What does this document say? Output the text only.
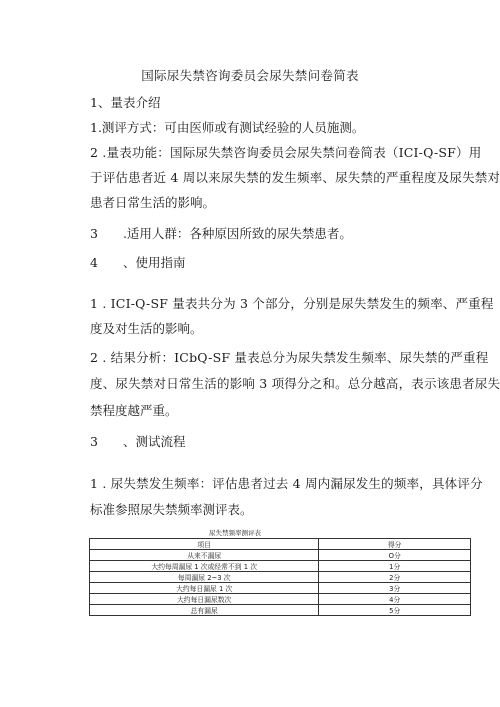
国际尿失禁咨询委员会尿失禁问卷简表
1、量表介绍
1.测评方式：可由医师或有测试经验的人员施测。
2 .量表功能：国际尿失禁咨询委员会尿失禁问卷简表（ICI-Q-SF）用
于评估患者近 4 周以来尿失禁的发生频率、尿失禁的严重程度及尿失禁对
患者日常生活的影响。
3　　.适用人群：各种原因所致的尿失禁患者。
4　　、使用指南
1 . ICI-Q-SF 量表共分为 3 个部分，分别是尿失禁发生的频率、严重程
度及对生活的影响。
2 . 结果分析：ICbQ-SF 量表总分为尿失禁发生频率、尿失禁的严重程
度、尿失禁对日常生活的影响 3 项得分之和。总分越高，表示该患者尿失
禁程度越严重。
3　　、测试流程
1 . 尿失禁发生频率：评估患者过去 4 周内漏尿发生的频率，具体评分
标准参照尿失禁频率测评表。
尿失禁频率测评表
项目	得分
从来不漏尿	O分
大约每周漏尿 1 次或经常不到 1 次	1分
每周漏尿 2~3 次	2分
大约每日漏尿 1 次	3分
大约每日漏尿数次	4分
总有漏尿	5分
